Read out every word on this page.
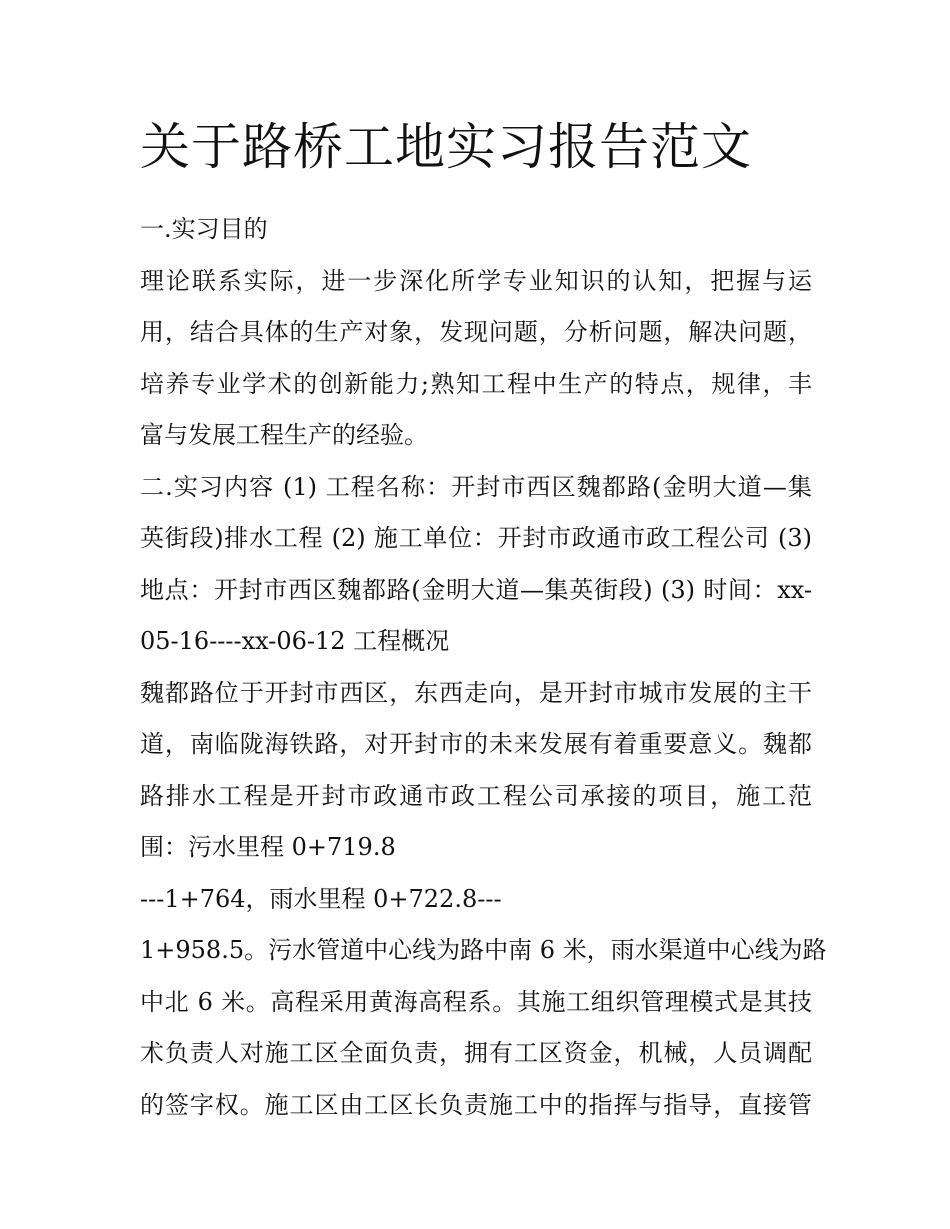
关于路桥工地实习报告范文

一.实习目的

理论联系实际，进一步深化所学专业知识的认知，把握与运

用，结合具体的生产对象，发现问题，分析问题，解决问题，

培养专业学术的创新能力;熟知工程中生产的特点，规律，丰

富与发展工程生产的经验。

二.实习内容 (1) 工程名称：开封市西区魏都路(金明大道—集

英街段)排水工程 (2) 施工单位：开封市政通市政工程公司 (3)

地点：开封市西区魏都路(金明大道—集英街段) (3) 时间：xx-

05-16----xx-06-12 工程概况

魏都路位于开封市西区，东西走向，是开封市城市发展的主干

道，南临陇海铁路，对开封市的未来发展有着重要意义。魏都

路排水工程是开封市政通市政工程公司承接的项目，施工范

围：污水里程 0+719.8

---1+764，雨水里程 0+722.8---

1+958.5。污水管道中心线为路中南 6 米，雨水渠道中心线为路

中北 6 米。高程采用黄海高程系。其施工组织管理模式是其技

术负责人对施工区全面负责，拥有工区资金，机械，人员调配

的签字权。施工区由工区长负责施工中的指挥与指导，直接管
